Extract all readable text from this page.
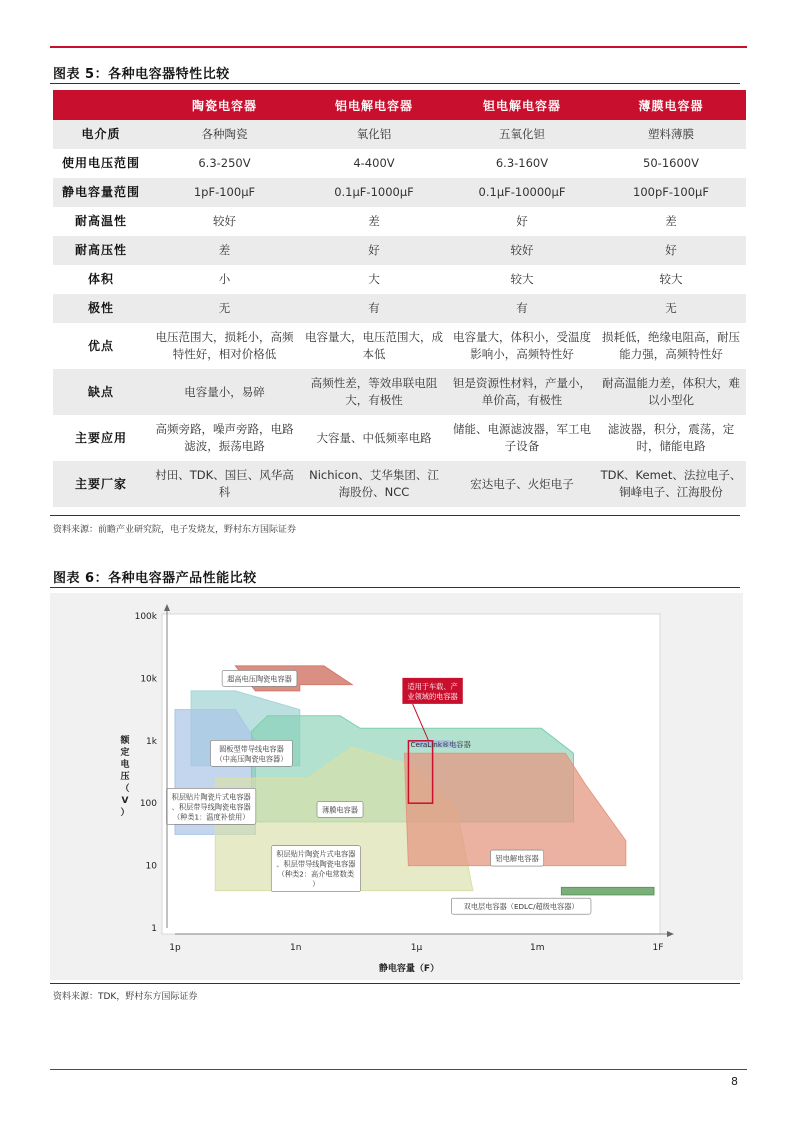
图表 5：各种电容器特性比较
	陶瓷电容器	铝电解电容器	钽电解电容器	薄膜电容器
电介质	各种陶瓷	氧化铝	五氧化钽	塑料薄膜
使用电压范围	6.3-250V	4-400V	6.3-160V	50-1600V
静电容量范围	1pF-100μF	0.1μF-1000μF	0.1μF-10000μF	100pF-100μF
耐高温性	较好	差	好	差
耐高压性	差	好	较好	好
体积	小	大	较大	较大
极性	无	有	有	无
优点	电压范围大，损耗小，高频特性好，相对价格低	电容量大，电压范围大，成本低	电容量大，体积小，受温度影响小，高频特性好	损耗低，绝缘电阻高，耐压能力强，高频特性好
缺点	电容量小，易碎	高频性差，等效串联电阻大，有极性	钽是资源性材料，产量小，单价高，有极性	耐高温能力差，体积大，难以小型化
主要应用	高频旁路，噪声旁路，电路滤波，振荡电路	大容量、中低频率电路	储能、电源滤波器，军工电子设备	滤波器，积分，震荡，定时，储能电路
主要厂家	村田、TDK、国巨、风华高科	Nichicon、艾华集团、江海股份、NCC	宏达电子、火炬电子	TDK、Kemet、法拉电子、铜峰电子、江海股份
资料来源：前瞻产业研究院，电子发烧友，野村东方国际证券
图表 6：各种电容器产品性能比较
超高电压陶瓷电容器
圆板型带导线电容器
（中高压陶瓷电容器）
积层贴片陶瓷片式电容器
、积层带导线陶瓷电容器
（种类1：温度补偿用）
薄膜电容器
积层贴片陶瓷片式电容器
、积层带导线陶瓷电容器
（种类2：高介电常数类
）
铝电解电容器
双电层电容器（EDLC/超级电容器）
CeraLink®电容器
适用于车载、产
业领域的电容器
1p	1n	1μ	1m	1F
1
10
100
1k
10k
100k
额定电压（ V ）
静电容量（F）
资料来源：TDK，野村东方国际证券
8
